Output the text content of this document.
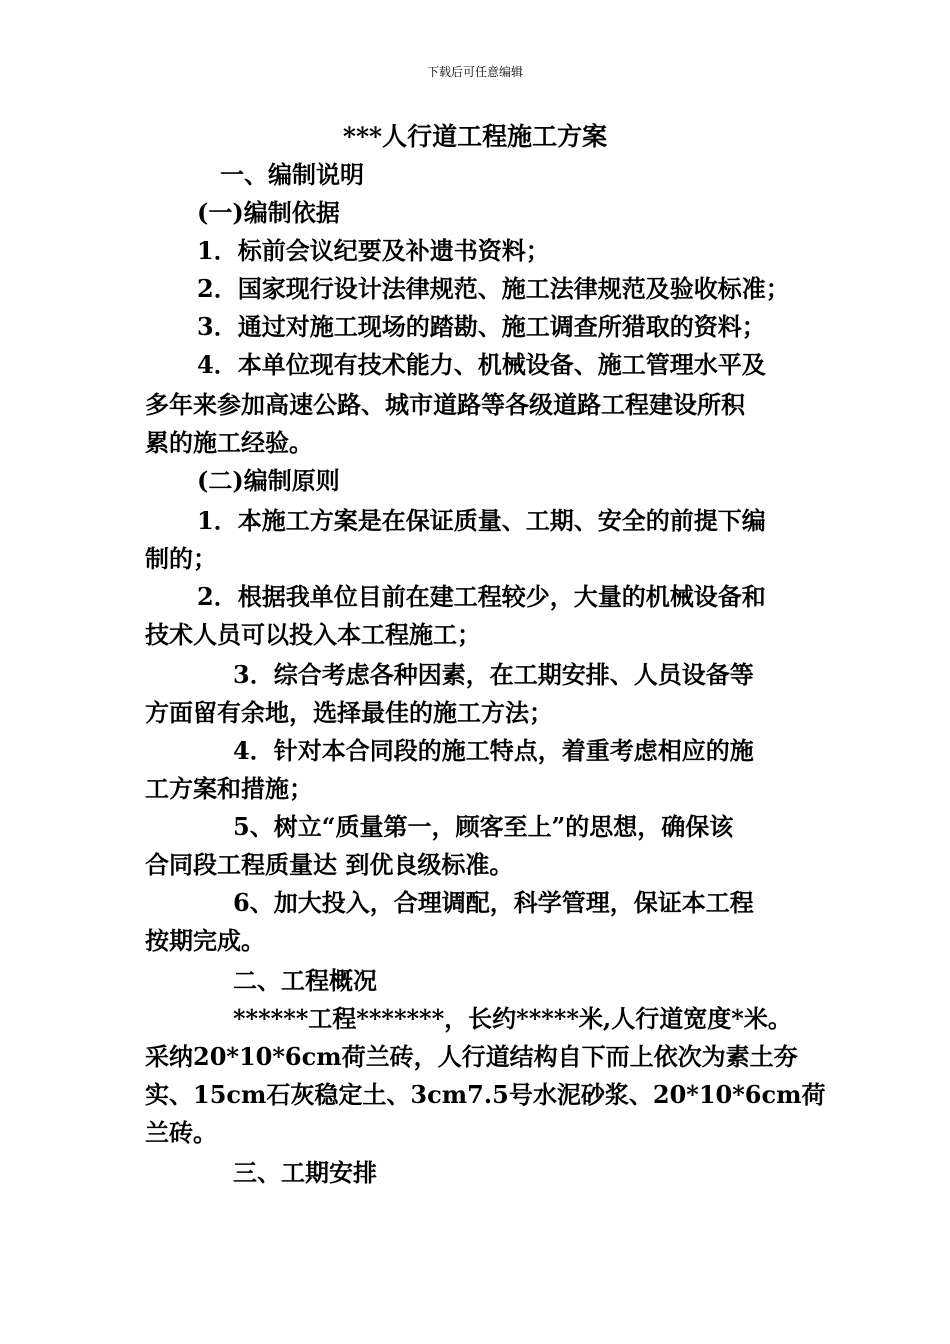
下载后可任意编辑
***人行道工程施工方案
一、编制说明
(一)编制依据
1．标前会议纪要及补遗书资料；
2．国家现行设计法律规范、施工法律规范及验收标准；
3．通过对施工现场的踏勘、施工调查所猎取的资料；
4．本单位现有技术能力、机械设备、施工管理水平及
多年来参加高速公路、城市道路等各级道路工程建设所积
累的施工经验。
(二)编制原则
1．本施工方案是在保证质量、工期、安全的前提下编
制的；
2．根据我单位目前在建工程较少，大量的机械设备和
技术人员可以投入本工程施工；
3．综合考虑各种因素，在工期安排、人员设备等
方面留有余地，选择最佳的施工方法；
4．针对本合同段的施工特点，着重考虑相应的施
工方案和措施；
5、树立“质量第一，顾客至上”的思想，确保该
合同段工程质量达 到优良级标准。
6、加大投入，合理调配，科学管理，保证本工程
按期完成。
二、工程概况
******工程*******，长约*****米,人行道宽度*米。
采纳20*10*6cm荷兰砖，人行道结构自下而上依次为素土夯
实、15cm石灰稳定土、3cm7.5号水泥砂浆、20*10*6cm荷
兰砖。
三、工期安排
